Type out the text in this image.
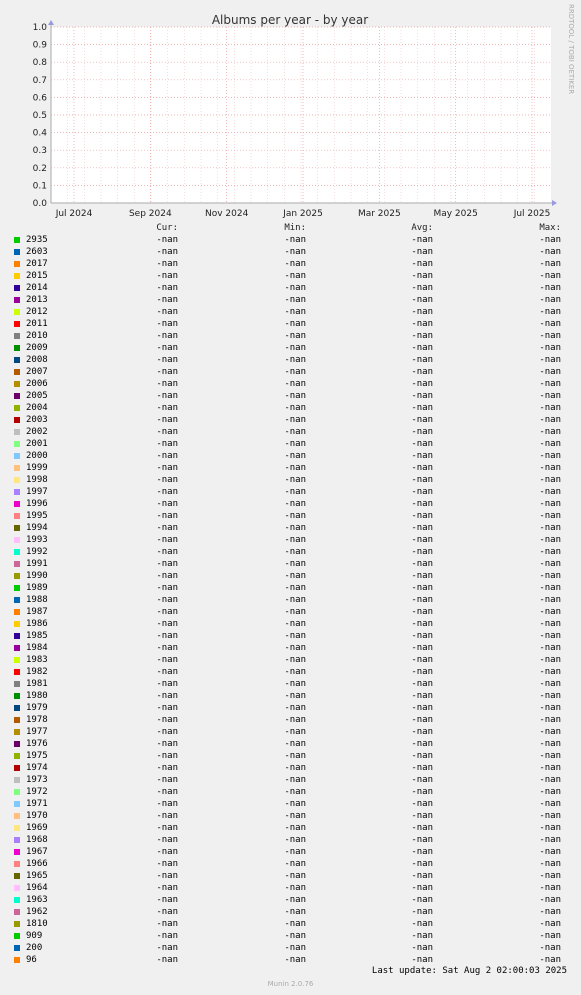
Albums per year - by year	RRDTOOL / TOBI OETIKER
0.0
0.1
0.2
0.3
0.4
0.5
0.6
0.7
0.8
0.9
1.0
Jul 2024	Sep 2024	Nov 2024	Jan 2025	Mar 2025	May 2025	Jul 2025
Cur:	Min:	Avg:	Max:
2935	-nan	-nan	-nan	-nan
2603	-nan	-nan	-nan	-nan
2017	-nan	-nan	-nan	-nan
2015	-nan	-nan	-nan	-nan
2014	-nan	-nan	-nan	-nan
2013	-nan	-nan	-nan	-nan
2012	-nan	-nan	-nan	-nan
2011	-nan	-nan	-nan	-nan
2010	-nan	-nan	-nan	-nan
2009	-nan	-nan	-nan	-nan
2008	-nan	-nan	-nan	-nan
2007	-nan	-nan	-nan	-nan
2006	-nan	-nan	-nan	-nan
2005	-nan	-nan	-nan	-nan
2004	-nan	-nan	-nan	-nan
2003	-nan	-nan	-nan	-nan
2002	-nan	-nan	-nan	-nan
2001	-nan	-nan	-nan	-nan
2000	-nan	-nan	-nan	-nan
1999	-nan	-nan	-nan	-nan
1998	-nan	-nan	-nan	-nan
1997	-nan	-nan	-nan	-nan
1996	-nan	-nan	-nan	-nan
1995	-nan	-nan	-nan	-nan
1994	-nan	-nan	-nan	-nan
1993	-nan	-nan	-nan	-nan
1992	-nan	-nan	-nan	-nan
1991	-nan	-nan	-nan	-nan
1990	-nan	-nan	-nan	-nan
1989	-nan	-nan	-nan	-nan
1988	-nan	-nan	-nan	-nan
1987	-nan	-nan	-nan	-nan
1986	-nan	-nan	-nan	-nan
1985	-nan	-nan	-nan	-nan
1984	-nan	-nan	-nan	-nan
1983	-nan	-nan	-nan	-nan
1982	-nan	-nan	-nan	-nan
1981	-nan	-nan	-nan	-nan
1980	-nan	-nan	-nan	-nan
1979	-nan	-nan	-nan	-nan
1978	-nan	-nan	-nan	-nan
1977	-nan	-nan	-nan	-nan
1976	-nan	-nan	-nan	-nan
1975	-nan	-nan	-nan	-nan
1974	-nan	-nan	-nan	-nan
1973	-nan	-nan	-nan	-nan
1972	-nan	-nan	-nan	-nan
1971	-nan	-nan	-nan	-nan
1970	-nan	-nan	-nan	-nan
1969	-nan	-nan	-nan	-nan
1968	-nan	-nan	-nan	-nan
1967	-nan	-nan	-nan	-nan
1966	-nan	-nan	-nan	-nan
1965	-nan	-nan	-nan	-nan
1964	-nan	-nan	-nan	-nan
1963	-nan	-nan	-nan	-nan
1962	-nan	-nan	-nan	-nan
1810	-nan	-nan	-nan	-nan
909	-nan	-nan	-nan	-nan
200	-nan	-nan	-nan	-nan
96	-nan	-nan	-nan	-nan
Last update: Sat Aug 2 02:00:03 2025
Munin 2.0.76
